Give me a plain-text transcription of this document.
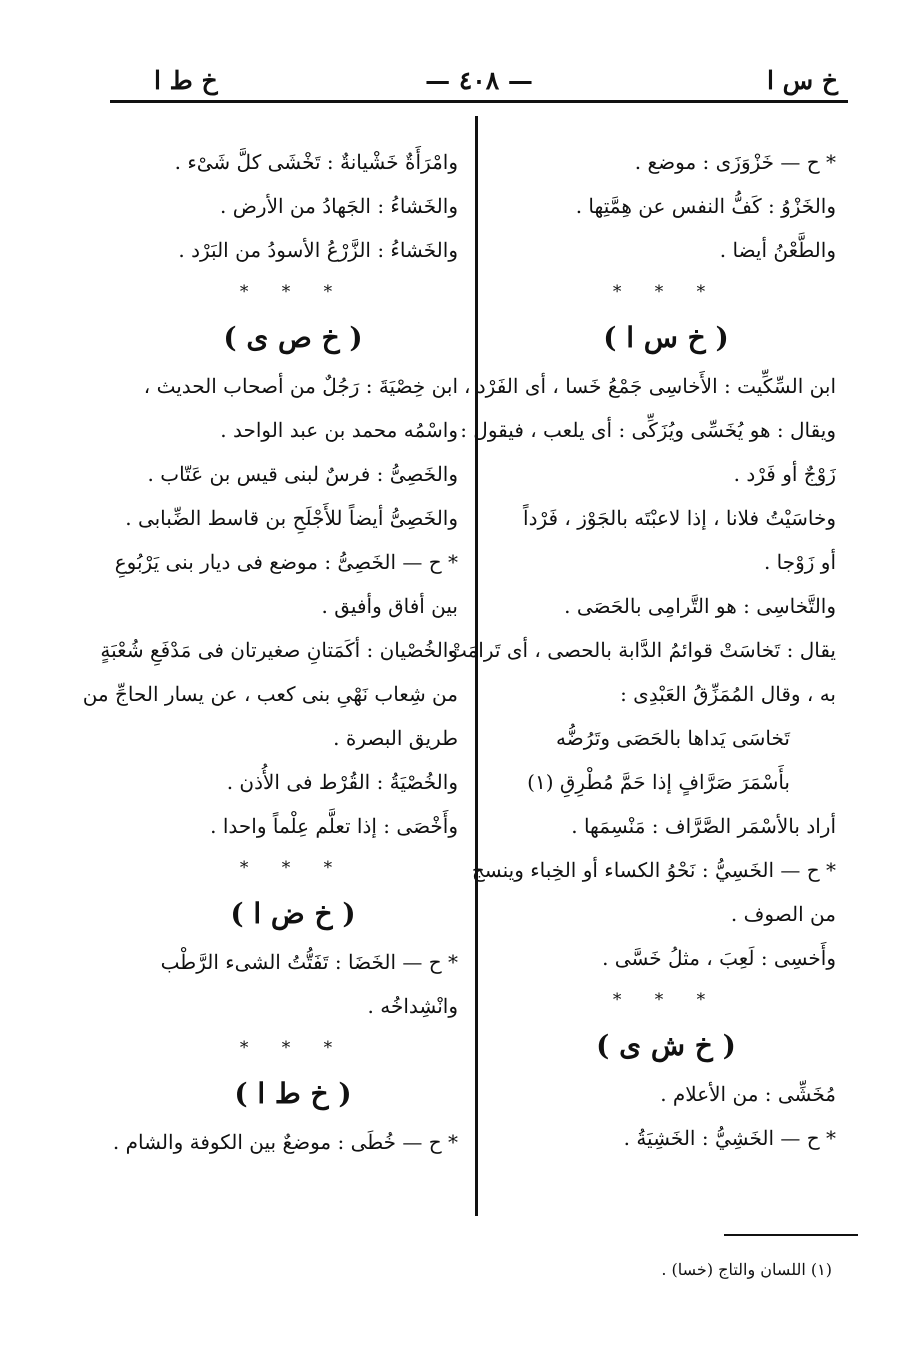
خ س ا
— ٤٠٨ —
خ ط ا
* ح — خَزْوَزَى : موضع .
والخَزْوُ : كَفُّ النفس عن هِمَّتِها .
والطَّعْنُ أيضا .
* * *
( خ س ا )
ابن السِّكِّيت : الأَخاسِى جَمْعُ خَسا ، أى الفَرْد ،
ويقال : هو يُخَسِّى ويُزَكِّى : أى يلعب ، فيقول :
زَوْجٌ أو فَرْد .
وخاسَيْتُ فلانا ، إذا لاعبْتَه بالجَوْز ، فَرْداً
أو زَوْجا .
والتَّخاسِى : هو التَّرامِى بالحَصَى .
يقال : تَخاسَتْ قوائمُ الدَّابة بالحصى ، أى تَرامَتْ
به ، وقال المُمَزِّقُ العَبْدِى :
تَخاسَى يَداها بالحَصَى وتَرُضُّه
بأَسْمَرَ صَرَّافٍ إذا حَمَّ مُطْرِقِ (١)
أراد بالأسْمَر الصَّرَّاف : مَنْسِمَها .
* ح — الخَسِيُّ : نَحْوُ الكساء أو الخِباء وينسج
من الصوف .
وأَخسِى : لَعِبَ ، مثلُ خَسَّى .
* * *
( خ ش ى )
مُخَشِّى : من الأعلام .
* ح — الخَشِيُّ : الخَشِيَةُ .
وامْرَأَةٌ خَشْيانةٌ : تَخْشَى كلَّ شَىْء .
والخَشاءُ : الجَهادُ من الأرض .
والخَشاءُ : الزَّرْعُ الأسودُ من البَرْد .
* * *
( خ ص ى )
ابن خِصْيَةَ : رَجُلٌ من أصحاب الحديث ،
واسْمُه محمد بن عبد الواحد .
والخَصِىُّ : فرسٌ لبنى قيس بن عَتّاب .
والخَصِىُّ أيضاً للأَجْلَحِ بن قاسط الضِّبابى .
* ح — الخَصِىُّ : موضع فى ديار بنى يَرْبُوعِ
بين أفاق وأفيق .
والخُصْيان : أكَمَتانِ صغيرتان فى مَدْفَعِ شُعْبَةٍ
من شِعاب نَهْىِ بنى كعب ، عن يسار الحاجِّ من
طريق البصرة .
والخُصْيَةُ : القُرْط فى الأُذن .
وأَخْصَى : إذا تعلَّم عِلْماً واحدا .
* * *
( خ ض ا )
* ح — الخَضَا : تَفَتُّتُ الشىء الرَّطْب
وانْشِداخُه .
* * *
( خ ط ا )
* ح — خُطَى : موضعٌ بين الكوفة والشام .
(١) اللسان والتاج (خسا) .
